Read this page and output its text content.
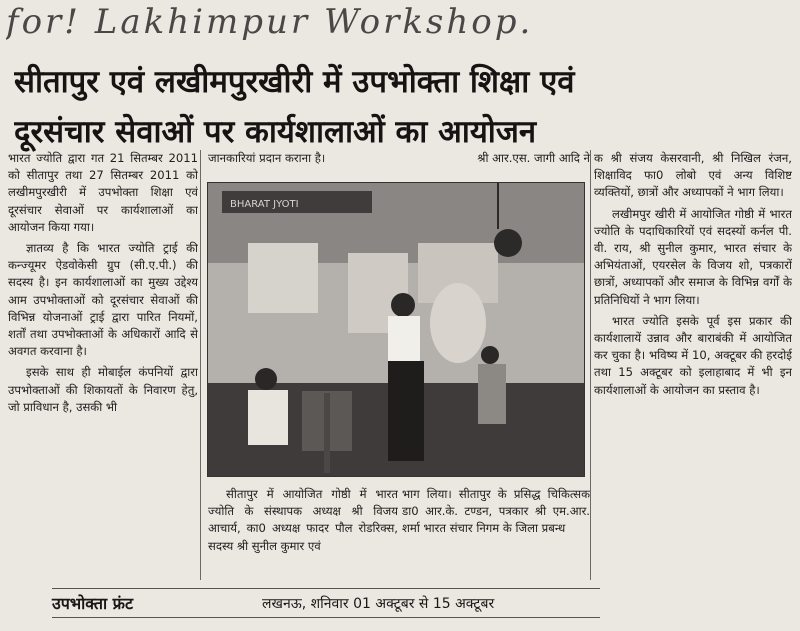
for! Lakhimpur Workshop.
सीतापुर एवं लखीमपुरखीरी में उपभोक्ता शिक्षा एवं
दूरसंचार सेवाओं पर कार्यशालाओं का आयोजन

भारत ज्योति द्वारा गत 21 सितम्बर 2011 को सीतापुर तथा 27 सितम्बर 2011 को लखीमपुरखीरी में उपभोक्ता शिक्षा एवं दूरसंचार सेवाओं पर कार्यशालाओं का आयोजन किया गया।

ज्ञातव्य है कि भारत ज्योति ट्राई की कन्ज्यूमर ऐडवोकेसी ग्रुप (सी.ए.पी.) की सदस्य है। इन कार्यशालाओं का मुख्य उद्देश्य आम उपभोक्ताओं को दूरसंचार सेवाओं की विभिन्न योजनाओं ट्राई द्वारा पारित नियमों, शर्तों तथा उपभोक्ताओं के अधिकारों आदि से अवगत करवाना है।

इसके साथ ही मोबाईल कंपनियों द्वारा उपभोक्ताओं की शिकायतों के निवारण हेतु, जो प्राविधान है, उसकी भी

जानकारियां प्रदान कराना है।	श्री आर.एस. जागी आदि ने
BHARAT JYOTI

सीतापुर में आयोजित गोष्ठी में भारत ज्योति के संस्थापक अध्यक्ष श्री विजय आचार्य, का0 अध्यक्ष फादर पौल रोडरिक्स, सदस्य श्री सुनील कुमार एवं

भाग लिया। सीतापुर के प्रसिद्ध चिकित्सक डा0 आर.के. टण्डन, पत्रकार श्री एम.आर. शर्मा भारत संचार निगम के जिला प्रबन्ध

क श्री संजय केसरवानी, श्री निखिल रंजन, शिक्षाविद फा0 लोबो एवं अन्य विशिष्ट व्यक्तियों, छात्रों और अध्यापकों ने भाग लिया।

लखीमपुर खीरी में आयोजित गोष्ठी में भारत ज्योति के पदाधिकारियों एवं सदस्यों कर्नल पी. वी. राय, श्री सुनील कुमार, भारत संचार के अभियंताओं, एयरसेल के विजय शो, पत्रकारों छात्रों, अध्यापकों और समाज के विभिन्न वर्गों के प्रतिनिधियों ने भाग लिया।

भारत ज्योति इसके पूर्व इस प्रकार की कार्यशालायें उन्नाव और बाराबंकी में आयोजित कर चुका है। भविष्य में 10, अक्टूबर की हरदोई तथा 15 अक्टूबर को इलाहाबाद में भी इन कार्यशालाओं के आयोजन का प्रस्ताव है।

उपभोक्ता फ्रंट	लखनऊ, शनिवार 01 अक्टूबर से 15 अक्टूबर
